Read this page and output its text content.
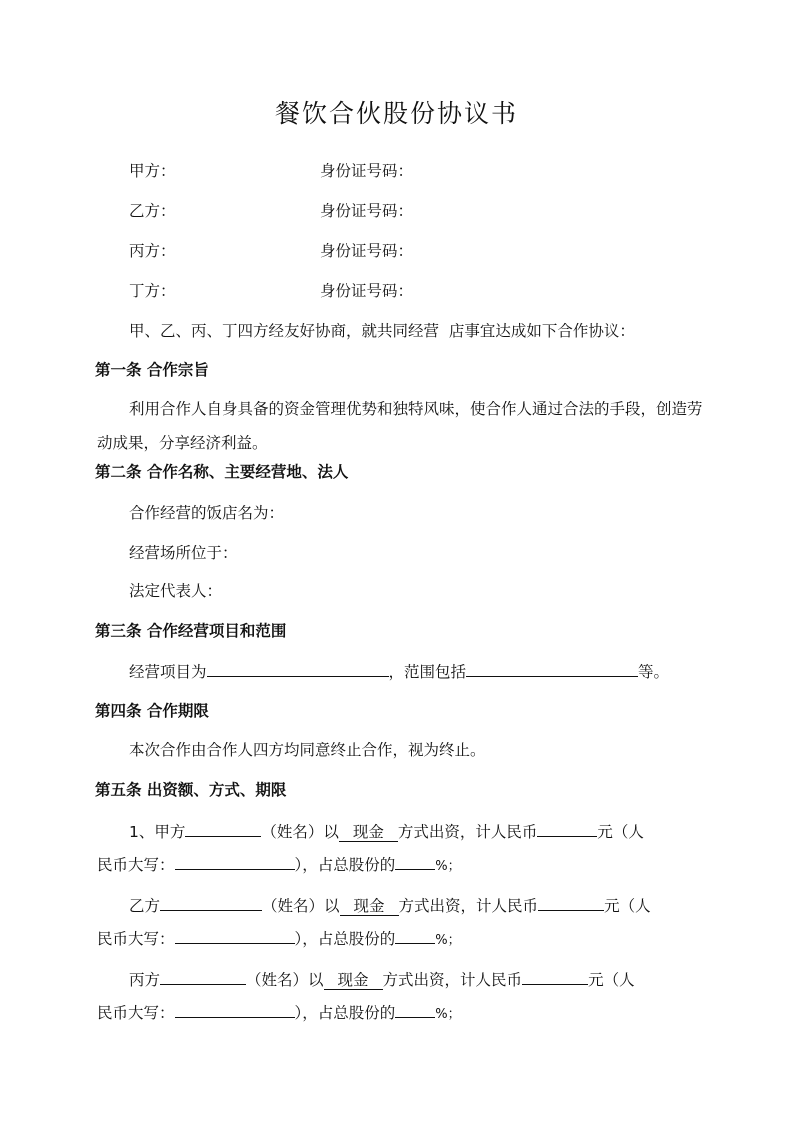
餐饮合伙股份协议书
甲方：	身份证号码：
乙方：	身份证号码：
丙方：	身份证号码：
丁方：	身份证号码：
甲、乙、丙、丁四方经友好协商，就共同经营  店事宜达成如下合作协议：
第一条 合作宗旨
利用合作人自身具备的资金管理优势和独特风味，使合作人通过合法的手段，创造劳动成果，分享经济利益。
第二条 合作名称、主要经营地、法人
合作经营的饭店名为：
经营场所位于：
法定代表人：
第三条 合作经营项目和范围
经营项目为	，范围包括	等。
第四条 合作期限
本次合作由合作人四方均同意终止合作，视为终止。
第五条 出资额、方式、期限
1、甲方	（姓名）以 现金 方式出资，计人民币	元（人
民币大写：	），占总股份的	%；
乙方	（姓名）以 现金 方式出资，计人民币	元（人
民币大写：	），占总股份的	%；
丙方	（姓名）以 现金 方式出资，计人民币	元（人
民币大写：	），占总股份的	%；
